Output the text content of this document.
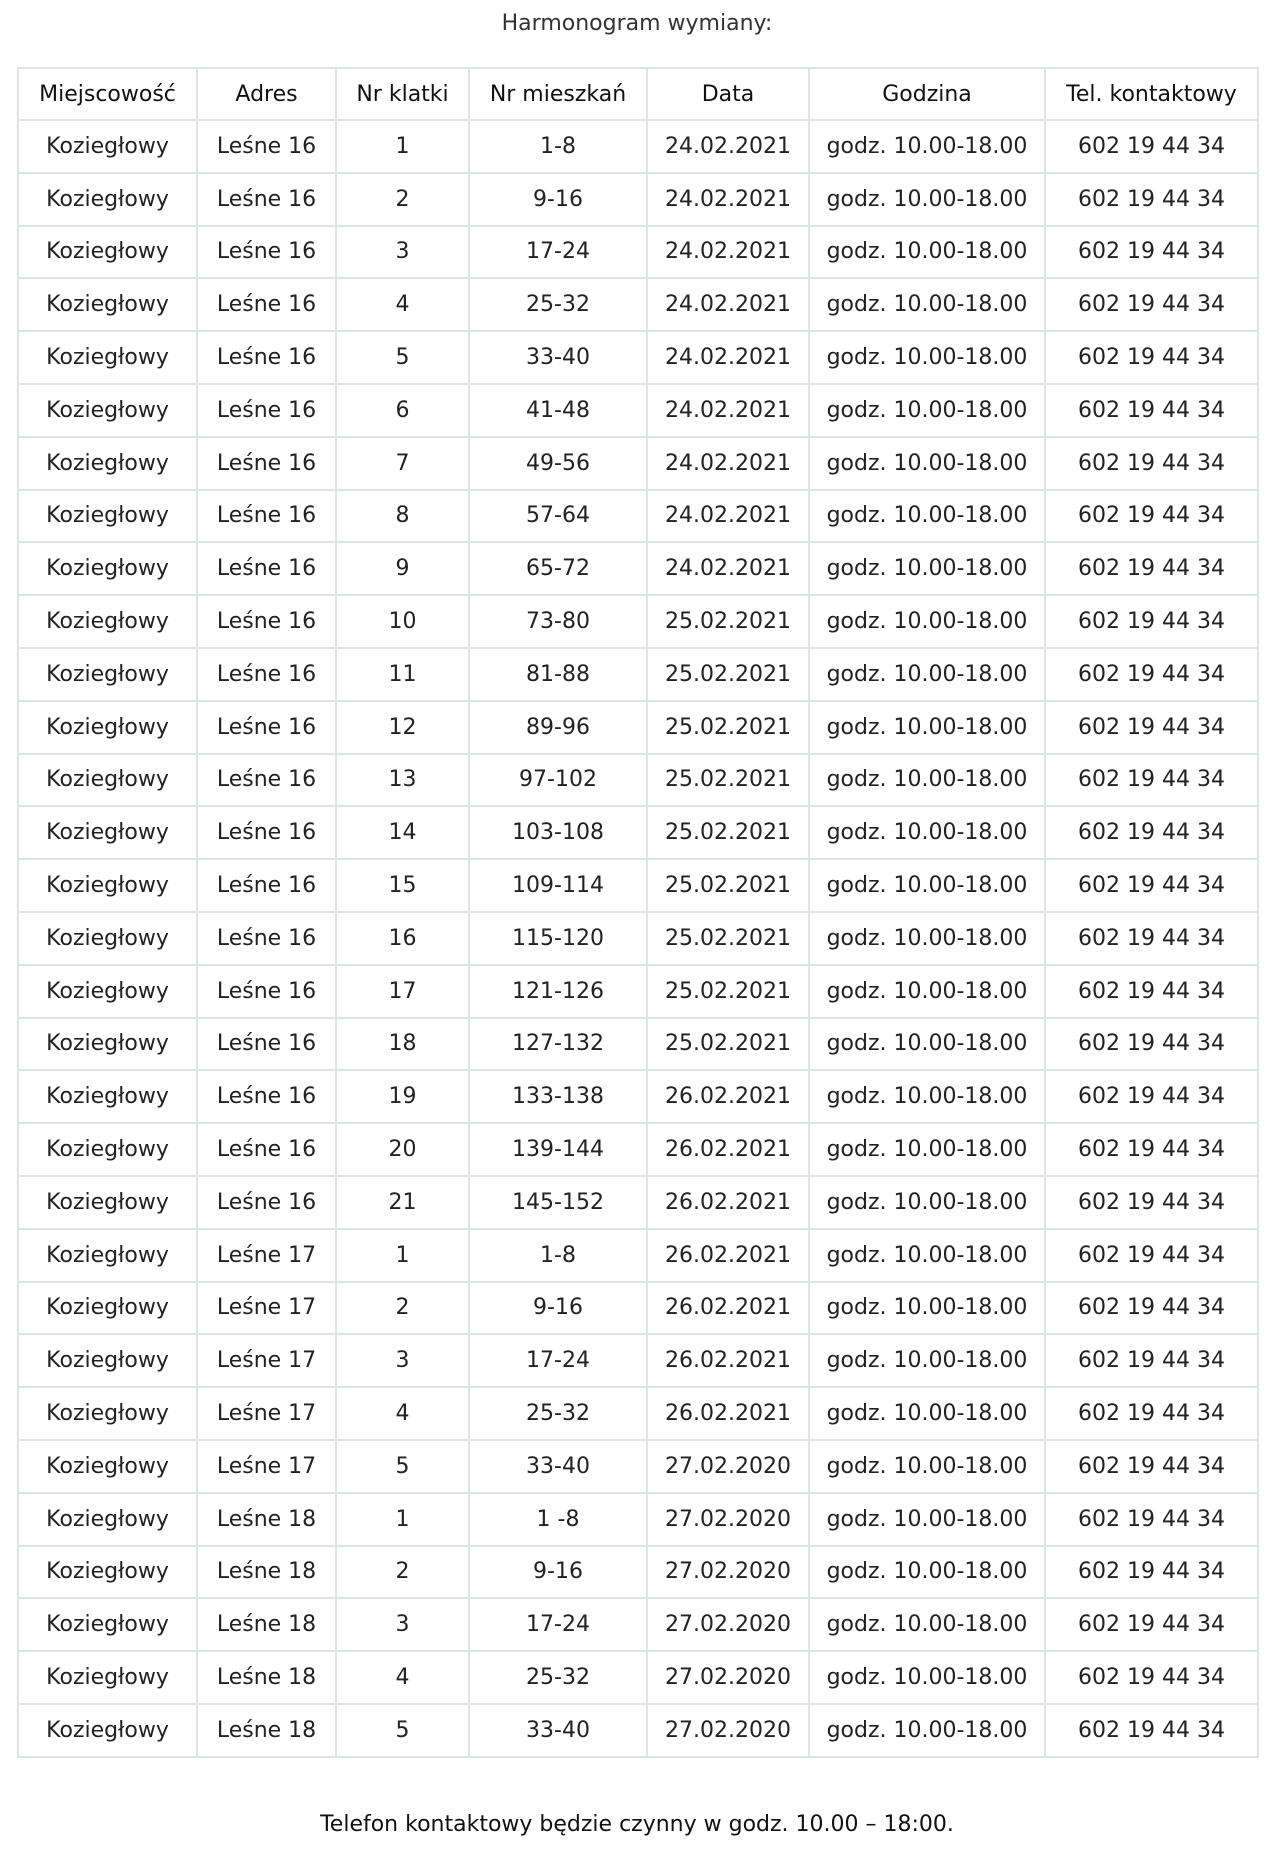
Harmonogram wymiany:
Miejscowość	Adres	Nr klatki	Nr mieszkań	Data	Godzina	Tel. kontaktowy
Koziegłowy	Leśne 16	1	1-8	24.02.2021	godz. 10.00-18.00	602 19 44 34
Koziegłowy	Leśne 16	2	9-16	24.02.2021	godz. 10.00-18.00	602 19 44 34
Koziegłowy	Leśne 16	3	17-24	24.02.2021	godz. 10.00-18.00	602 19 44 34
Koziegłowy	Leśne 16	4	25-32	24.02.2021	godz. 10.00-18.00	602 19 44 34
Koziegłowy	Leśne 16	5	33-40	24.02.2021	godz. 10.00-18.00	602 19 44 34
Koziegłowy	Leśne 16	6	41-48	24.02.2021	godz. 10.00-18.00	602 19 44 34
Koziegłowy	Leśne 16	7	49-56	24.02.2021	godz. 10.00-18.00	602 19 44 34
Koziegłowy	Leśne 16	8	57-64	24.02.2021	godz. 10.00-18.00	602 19 44 34
Koziegłowy	Leśne 16	9	65-72	24.02.2021	godz. 10.00-18.00	602 19 44 34
Koziegłowy	Leśne 16	10	73-80	25.02.2021	godz. 10.00-18.00	602 19 44 34
Koziegłowy	Leśne 16	11	81-88	25.02.2021	godz. 10.00-18.00	602 19 44 34
Koziegłowy	Leśne 16	12	89-96	25.02.2021	godz. 10.00-18.00	602 19 44 34
Koziegłowy	Leśne 16	13	97-102	25.02.2021	godz. 10.00-18.00	602 19 44 34
Koziegłowy	Leśne 16	14	103-108	25.02.2021	godz. 10.00-18.00	602 19 44 34
Koziegłowy	Leśne 16	15	109-114	25.02.2021	godz. 10.00-18.00	602 19 44 34
Koziegłowy	Leśne 16	16	115-120	25.02.2021	godz. 10.00-18.00	602 19 44 34
Koziegłowy	Leśne 16	17	121-126	25.02.2021	godz. 10.00-18.00	602 19 44 34
Koziegłowy	Leśne 16	18	127-132	25.02.2021	godz. 10.00-18.00	602 19 44 34
Koziegłowy	Leśne 16	19	133-138	26.02.2021	godz. 10.00-18.00	602 19 44 34
Koziegłowy	Leśne 16	20	139-144	26.02.2021	godz. 10.00-18.00	602 19 44 34
Koziegłowy	Leśne 16	21	145-152	26.02.2021	godz. 10.00-18.00	602 19 44 34
Koziegłowy	Leśne 17	1	1-8	26.02.2021	godz. 10.00-18.00	602 19 44 34
Koziegłowy	Leśne 17	2	9-16	26.02.2021	godz. 10.00-18.00	602 19 44 34
Koziegłowy	Leśne 17	3	17-24	26.02.2021	godz. 10.00-18.00	602 19 44 34
Koziegłowy	Leśne 17	4	25-32	26.02.2021	godz. 10.00-18.00	602 19 44 34
Koziegłowy	Leśne 17	5	33-40	27.02.2020	godz. 10.00-18.00	602 19 44 34
Koziegłowy	Leśne 18	1	1 -8	27.02.2020	godz. 10.00-18.00	602 19 44 34
Koziegłowy	Leśne 18	2	9-16	27.02.2020	godz. 10.00-18.00	602 19 44 34
Koziegłowy	Leśne 18	3	17-24	27.02.2020	godz. 10.00-18.00	602 19 44 34
Koziegłowy	Leśne 18	4	25-32	27.02.2020	godz. 10.00-18.00	602 19 44 34
Koziegłowy	Leśne 18	5	33-40	27.02.2020	godz. 10.00-18.00	602 19 44 34
Telefon kontaktowy będzie czynny w godz. 10.00 – 18:00.
